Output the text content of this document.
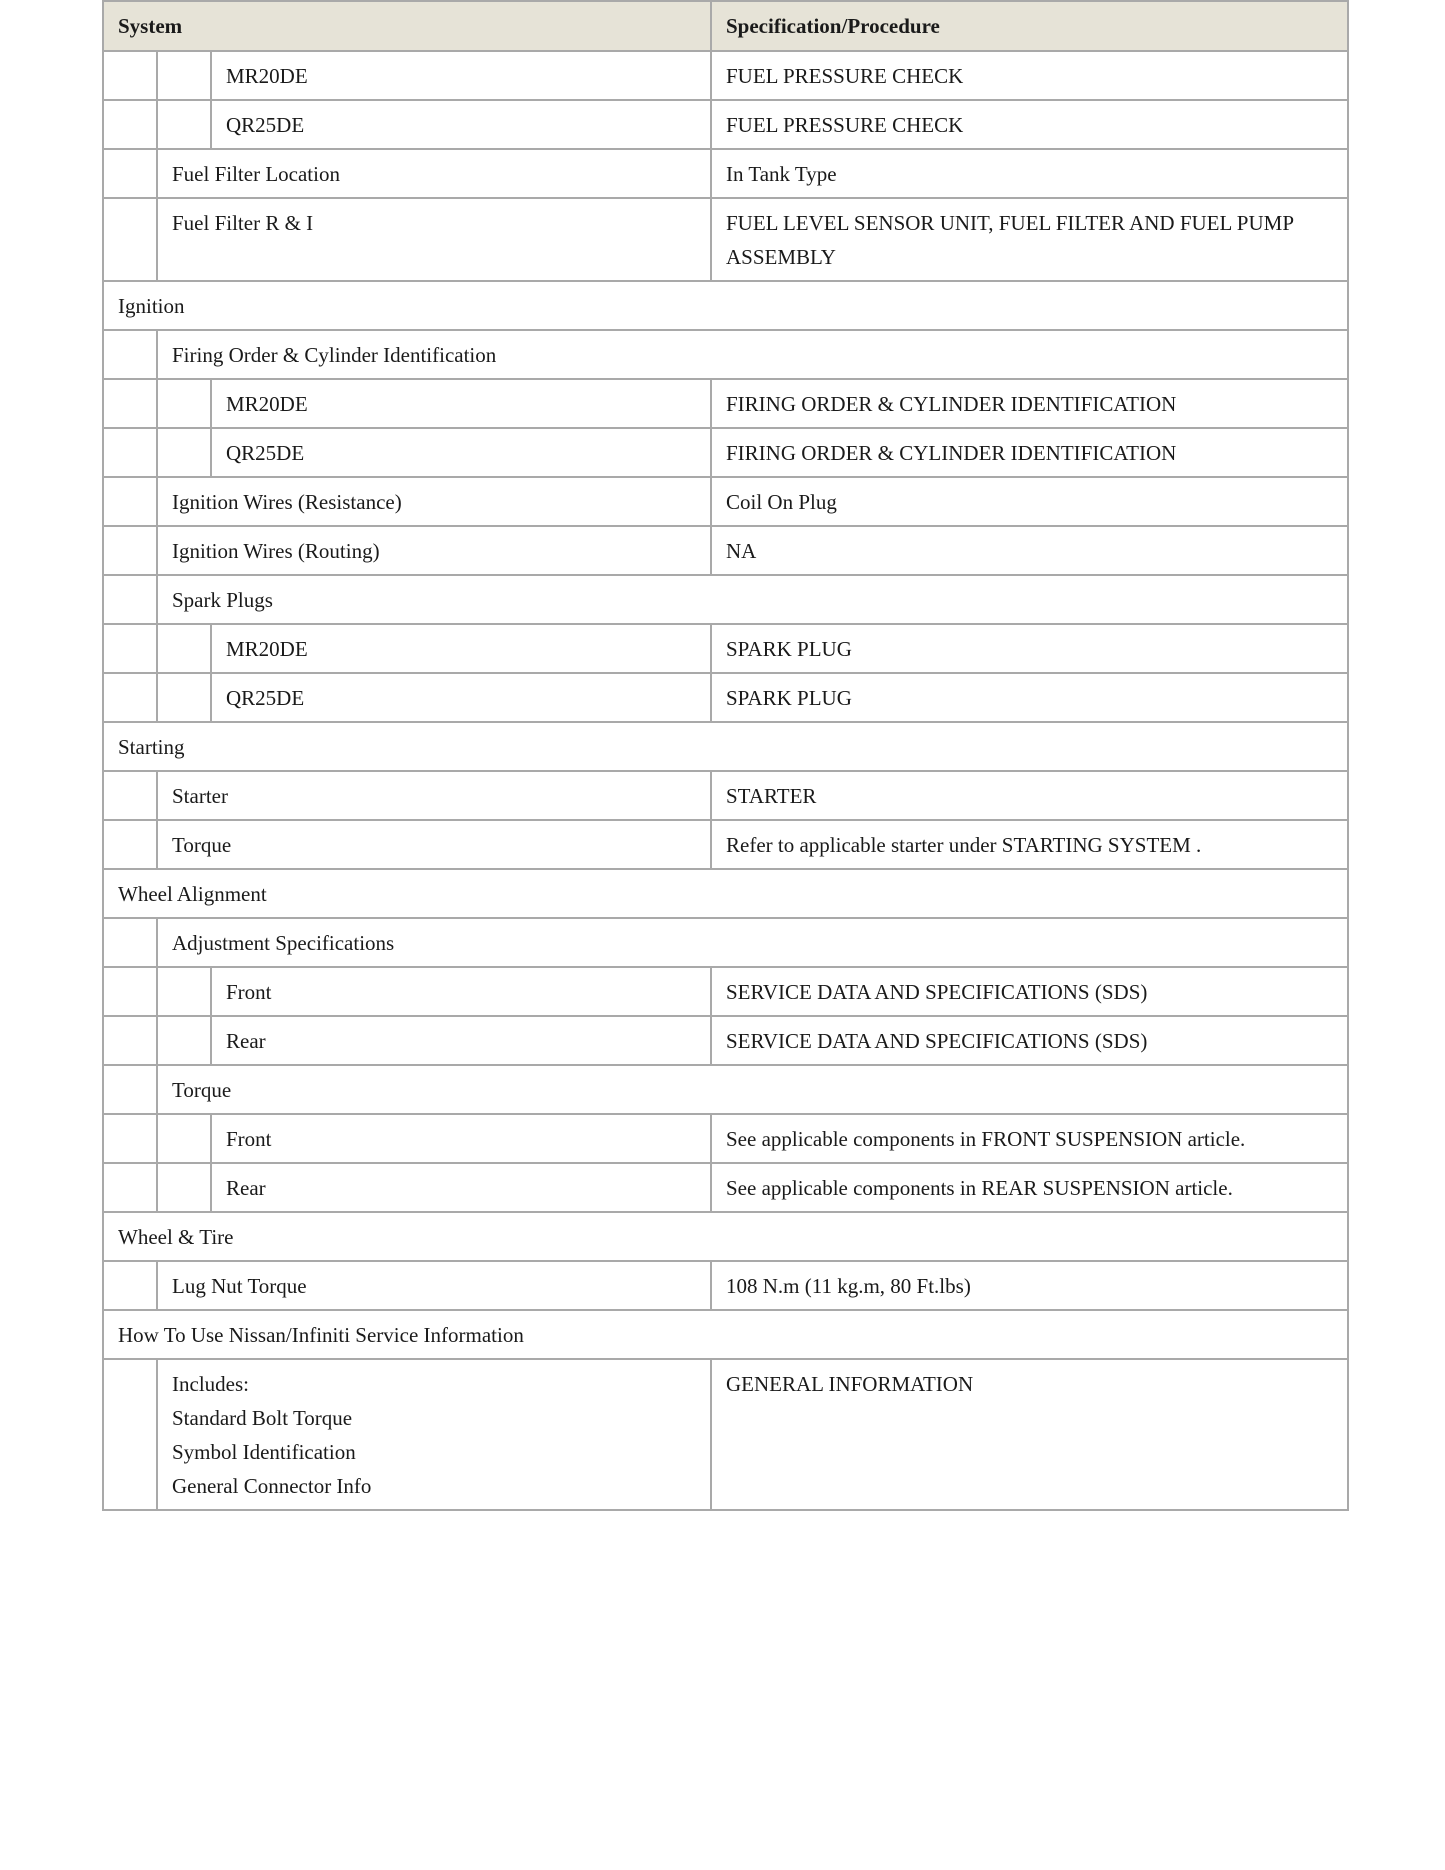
System			Specification/Procedure
		MR20DE	FUEL PRESSURE CHECK
		QR25DE	FUEL PRESSURE CHECK
	Fuel Filter Location		In Tank Type
	Fuel Filter R & I		FUEL LEVEL SENSOR UNIT, FUEL FILTER AND FUEL PUMP ASSEMBLY
Ignition			
	Firing Order & Cylinder Identification		
		MR20DE	FIRING ORDER & CYLINDER IDENTIFICATION
		QR25DE	FIRING ORDER & CYLINDER IDENTIFICATION
	Ignition Wires (Resistance)		Coil On Plug
	Ignition Wires (Routing)		NA
	Spark Plugs		
		MR20DE	SPARK PLUG
		QR25DE	SPARK PLUG
Starting			
	Starter		STARTER
	Torque		Refer to applicable starter under STARTING SYSTEM .
Wheel Alignment			
	Adjustment Specifications		
		Front	SERVICE DATA AND SPECIFICATIONS (SDS)
		Rear	SERVICE DATA AND SPECIFICATIONS (SDS)
	Torque		
		Front	See applicable components in FRONT SUSPENSION article.
		Rear	See applicable components in REAR SUSPENSION article.
Wheel & Tire			
	Lug Nut Torque		108 N.m (11 kg.m, 80 Ft.lbs)
How To Use Nissan/Infiniti Service Information			

	Includes:
Standard Bolt Torque
Symbol Identification
General Connector Info		GENERAL INFORMATION
